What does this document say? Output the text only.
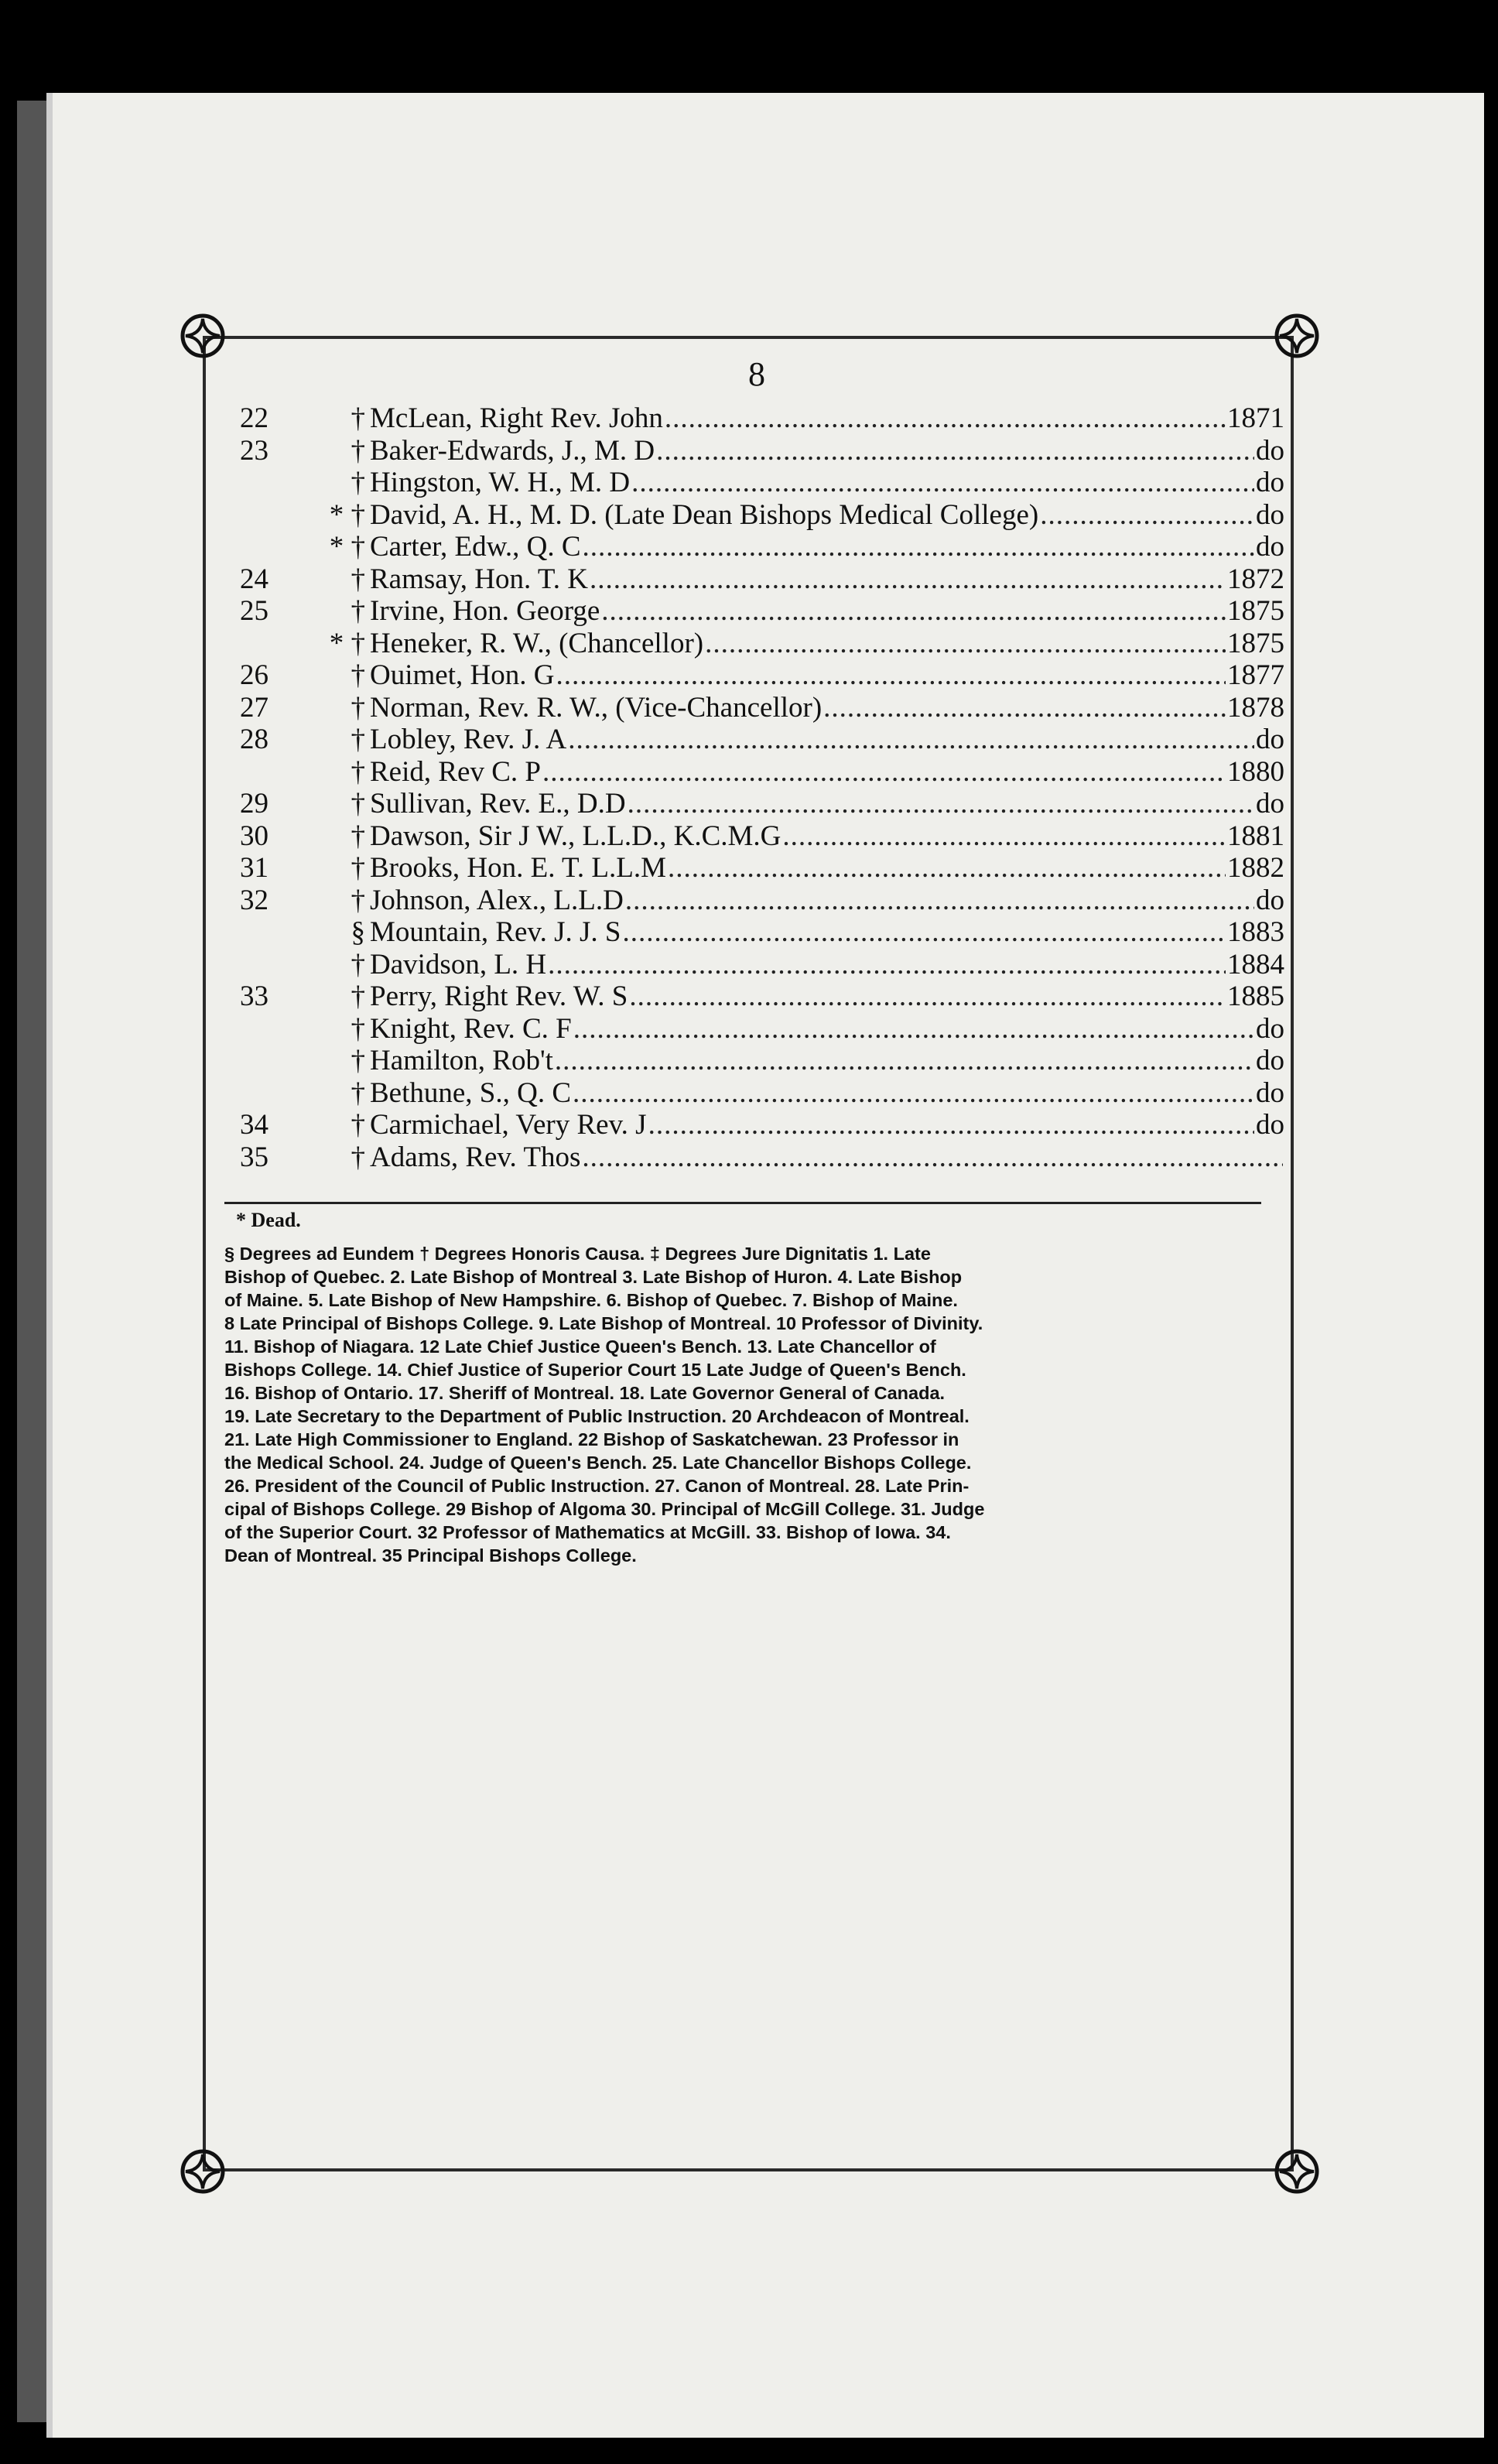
8
22	† McLean, Right Rev. John .....	1871
23	† Baker-Edwards, J., M. D .....	do
† Hingston, W. H., M. D .....	do
* † David, A. H., M. D. (Late Dean Bishops Medical College) .....	do
* † Carter, Edw., Q. C .....	do
24	† Ramsay, Hon. T. K .....	1872
25	† Irvine, Hon. George .....	1875
* † Heneker, R. W., (Chancellor) .....	1875
26	† Ouimet, Hon. G .....	1877
27	† Norman, Rev. R. W., (Vice-Chancellor) .....	1878
28	† Lobley, Rev. J. A .....	do
† Reid, Rev C. P .....	1880
29	† Sullivan, Rev. E., D.D .....	do
30	† Dawson, Sir J W., L.L.D., K.C.M.G .....	1881
31	† Brooks, Hon. E. T. L.L.M .....	1882
32	† Johnson, Alex., L.L.D .....	do
§ Mountain, Rev. J. J. S .....	1883
† Davidson, L. H .....	1884
33	† Perry, Right Rev. W. S .....	1885
† Knight, Rev. C. F .....	do
† Hamilton, Rob't .....	do
† Bethune, S., Q. C .....	do
34	† Carmichael, Very Rev. J .....	do
35	† Adams, Rev. Thos
.....
* Dead.
§ Degrees ad Eundem † Degrees Honoris Causa. ‡ Degrees Jure Dignitatis 1. Late
Bishop of Quebec. 2. Late Bishop of Montreal 3. Late Bishop of Huron. 4. Late Bishop
of Maine. 5. Late Bishop of New Hampshire. 6. Bishop of Quebec. 7. Bishop of Maine.
8 Late Principal of Bishops College. 9. Late Bishop of Montreal. 10 Professor of Divinity.
11. Bishop of Niagara. 12 Late Chief Justice Queen's Bench. 13. Late Chancellor of
Bishops College. 14. Chief Justice of Superior Court 15 Late Judge of Queen's Bench.
16. Bishop of Ontario. 17. Sheriff of Montreal. 18. Late Governor General of Canada.
19. Late Secretary to the Department of Public Instruction. 20 Archdeacon of Montreal.
21. Late High Commissioner to England. 22 Bishop of Saskatchewan. 23 Professor in
the Medical School. 24. Judge of Queen's Bench. 25. Late Chancellor Bishops College.
26. President of the Council of Public Instruction. 27. Canon of Montreal. 28. Late Prin-
cipal of Bishops College. 29 Bishop of Algoma 30. Principal of McGill College. 31. Judge
of the Superior Court. 32 Professor of Mathematics at McGill. 33. Bishop of Iowa. 34.
Dean of Montreal. 35 Principal Bishops College.
